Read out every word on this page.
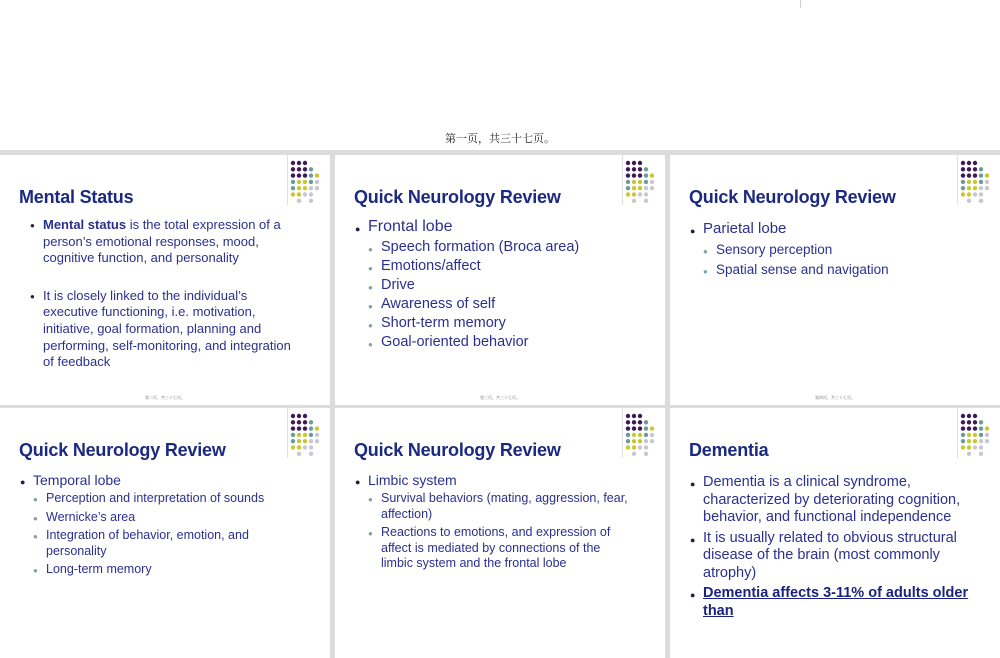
第一页，共三十七页。
Mental Status
● Mental status is the total expression of a person’s emotional responses, mood, cognitive function, and personality
● It is closely linked to the individual’s executive functioning, i.e. motivation, initiative, goal formation, planning and performing, self-monitoring, and integration of feedback
第二页，共三十七页。
Quick Neurology Review
● Frontal lobe
● Speech formation (Broca area)
● Emotions/affect
● Drive
● Awareness of self
● Short-term memory
● Goal-oriented behavior
第三页，共三十七页。
Quick Neurology Review
● Parietal lobe
● Sensory perception
● Spatial sense and navigation
第四页，共三十七页。
Quick Neurology Review
● Temporal lobe
● Perception and interpretation of sounds
● Wernicke’s area
● Integration of behavior, emotion, and personality
● Long-term memory
Quick Neurology Review
● Limbic system
● Survival behaviors (mating, aggression, fear, affection)
● Reactions to emotions, and expression of affect is mediated by connections of the limbic system and the frontal lobe
Dementia
● Dementia is a clinical syndrome, characterized by deteriorating cognition, behavior, and functional independence
● It is usually related to obvious structural disease of the brain (most commonly atrophy)
● Dementia affects 3-11% of adults older than
